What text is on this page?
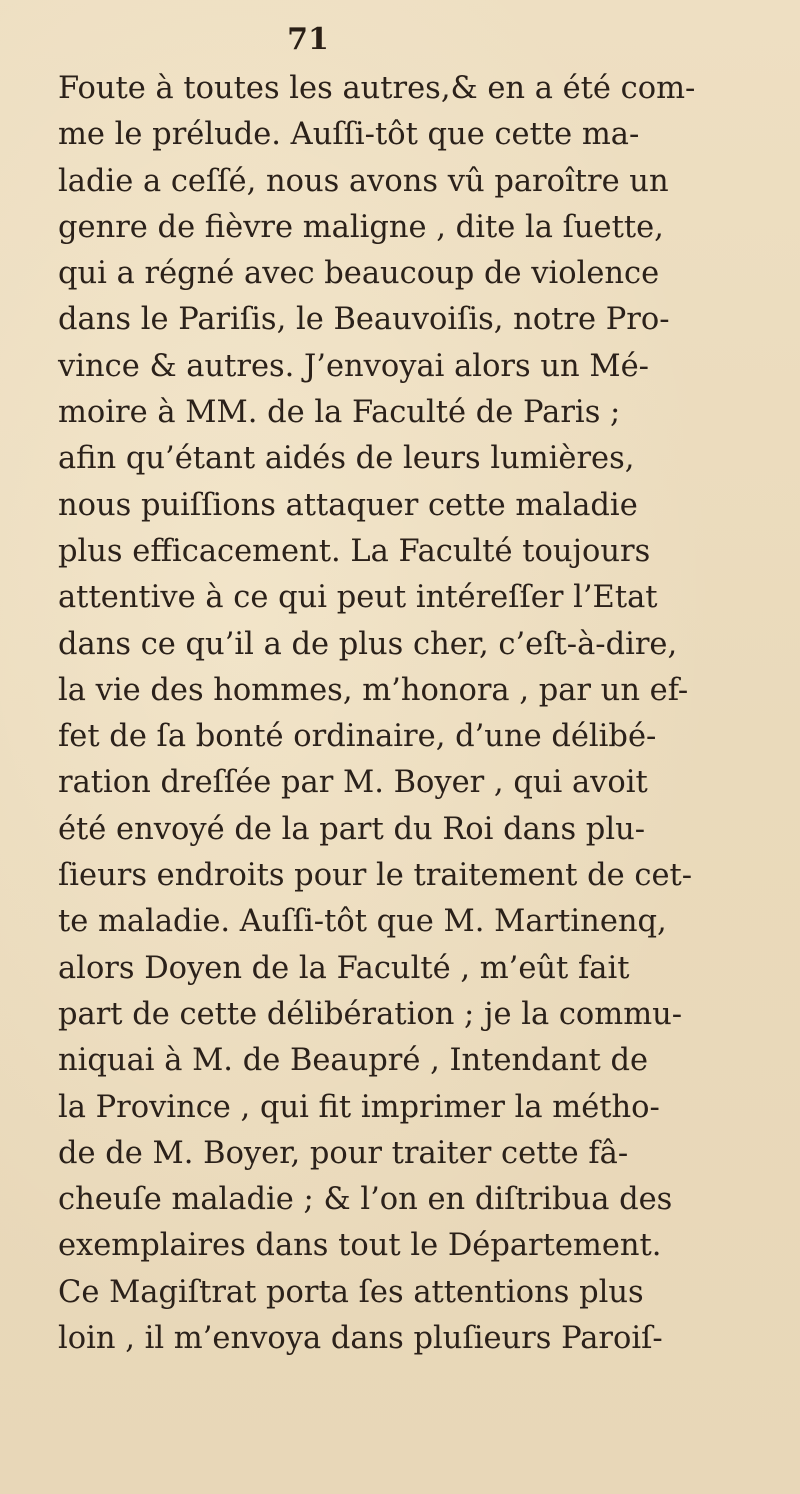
71
Foute à toutes les autres,& en a été com-
me le prélude. Auſſi-tôt que cette ma-
ladie a ceſſé, nous avons vû paroître un
genre de fièvre maligne , dite la ſuette,
qui a régné avec beaucoup de violence
dans le Pariſis, le Beauvoiſis, notre Pro-
vince & autres. J’envoyai alors un Mé-
moire à MM. de la Faculté de Paris ;
afin qu’étant aidés de leurs lumières,
nous puiſſions attaquer cette maladie
plus efficacement. La Faculté toujours
attentive à ce qui peut intéreſſer l’Etat
dans ce qu’il a de plus cher, c’eſt-à-dire,
la vie des hommes, m’honora , par un ef-
fet de ſa bonté ordinaire, d’une délibé-
ration dreſſée par M. Boyer , qui avoit
été envoyé de la part du Roi dans plu-
ſieurs endroits pour le traitement de cet-
te maladie. Auſſi-tôt que M. Martinenq,
alors Doyen de la Faculté , m’eût fait
part de cette délibération ; je la commu-
niquai à M. de Beaupré , Intendant de
la Province , qui fit imprimer la métho-
de de M. Boyer, pour traiter cette fâ-
cheuſe maladie ; & l’on en diſtribua des
exemplaires dans tout le Département.
Ce Magiſtrat porta ſes attentions plus
loin , il m’envoya dans pluſieurs Paroiſ-
